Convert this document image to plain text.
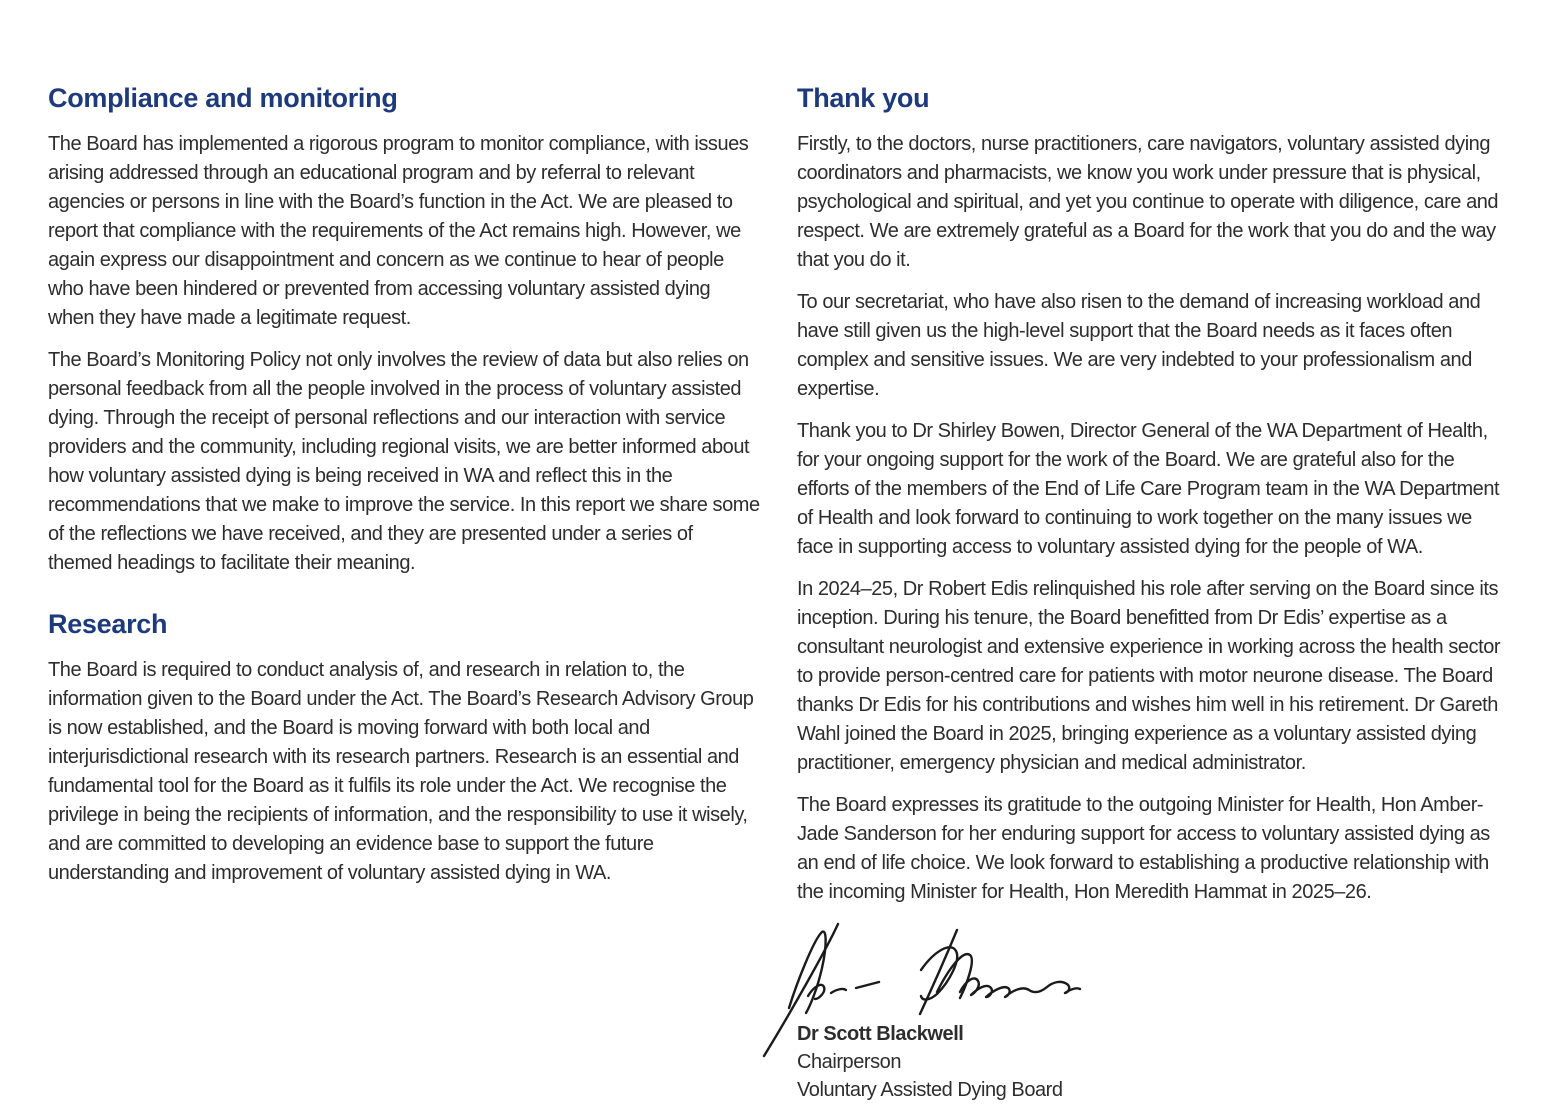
Compliance and monitoring

The Board has implemented a rigorous program to monitor compliance, with issues arising addressed through an educational program and by referral to relevant agencies or persons in line with the Board’s function in the Act. We are pleased to report that compliance with the requirements of the Act remains high. However, we again express our disappointment and concern as we continue to hear of people who have been hindered or prevented from accessing voluntary assisted dying when they have made a legitimate request.

The Board’s Monitoring Policy not only involves the review of data but also relies on personal feedback from all the people involved in the process of voluntary assisted dying. Through the receipt of personal reflections and our interaction with service providers and the community, including regional visits, we are better informed about how voluntary assisted dying is being received in WA and reflect this in the recommendations that we make to improve the service. In this report we share some of the reflections we have received, and they are presented under a series of themed headings to facilitate their meaning.

Research

The Board is required to conduct analysis of, and research in relation to, the information given to the Board under the Act. The Board’s Research Advisory Group is now established, and the Board is moving forward with both local and interjurisdictional research with its research partners. Research is an essential and fundamental tool for the Board as it fulfils its role under the Act. We recognise the privilege in being the recipients of information, and the responsibility to use it wisely, and are committed to developing an evidence base to support the future understanding and improvement of voluntary assisted dying in WA.

Thank you

Firstly, to the doctors, nurse practitioners, care navigators, voluntary assisted dying coordinators and pharmacists, we know you work under pressure that is physical, psychological and spiritual, and yet you continue to operate with diligence, care and respect. We are extremely grateful as a Board for the work that you do and the way that you do it.

To our secretariat, who have also risen to the demand of increasing workload and have still given us the high-level support that the Board needs as it faces often complex and sensitive issues. We are very indebted to your professionalism and expertise.

Thank you to Dr Shirley Bowen, Director General of the WA Department of Health, for your ongoing support for the work of the Board. We are grateful also for the efforts of the members of the End of Life Care Program team in the WA Department of Health and look forward to continuing to work together on the many issues we face in supporting access to voluntary assisted dying for the people of WA.

In 2024–25, Dr Robert Edis relinquished his role after serving on the Board since its inception. During his tenure, the Board benefitted from Dr Edis’ expertise as a consultant neurologist and extensive experience in working across the health sector to provide person-centred care for patients with motor neurone disease. The Board thanks Dr Edis for his contributions and wishes him well in his retirement. Dr Gareth Wahl joined the Board in 2025, bringing experience as a voluntary assisted dying practitioner, emergency physician and medical administrator.

The Board expresses its gratitude to the outgoing Minister for Health, Hon Amber-Jade Sanderson for her enduring support for access to voluntary assisted dying as an end of life choice. We look forward to establishing a productive relationship with the incoming Minister for Health, Hon Meredith Hammat in 2025–26.

Dr Scott Blackwell
Chairperson
Voluntary Assisted Dying Board
